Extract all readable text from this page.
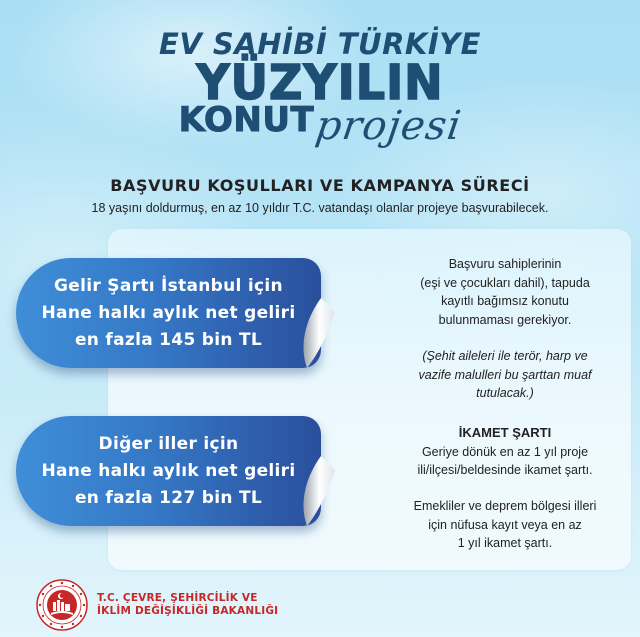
EV SAHİBİ TÜRKİYE
YÜZYILIN
KONUT
projesi
BAŞVURU KOŞULLARI VE KAMPANYA SÜRECİ
18 yaşını doldurmuş, en az 10 yıldır T.C. vatandaşı olanlar projeye başvurabilecek.
Gelir Şartı İstanbul için
Hane halkı aylık net geliri
en fazla 145 bin TL
Diğer iller için
Hane halkı aylık net geliri
en fazla 127 bin TL
Başvuru sahiplerinin
(eşi ve çocukları dahil), tapuda
kayıtlı bağımsız konutu
bulunmaması gerekiyor.
(Şehit aileleri ile terör, harp ve
vazife malulleri bu şarttan muaf
tutulacak.)
İKAMET ŞARTI
Geriye dönük en az 1 yıl proje
ili/ilçesi/beldesinde ikamet şartı.
Emekliler ve deprem bölgesi illeri
için nüfusa kayıt veya en az
1 yıl ikamet şartı.
T.C. ÇEVRE, ŞEHİRCİLİK VE
İKLİM DEĞİŞİKLİĞİ BAKANLIĞI
